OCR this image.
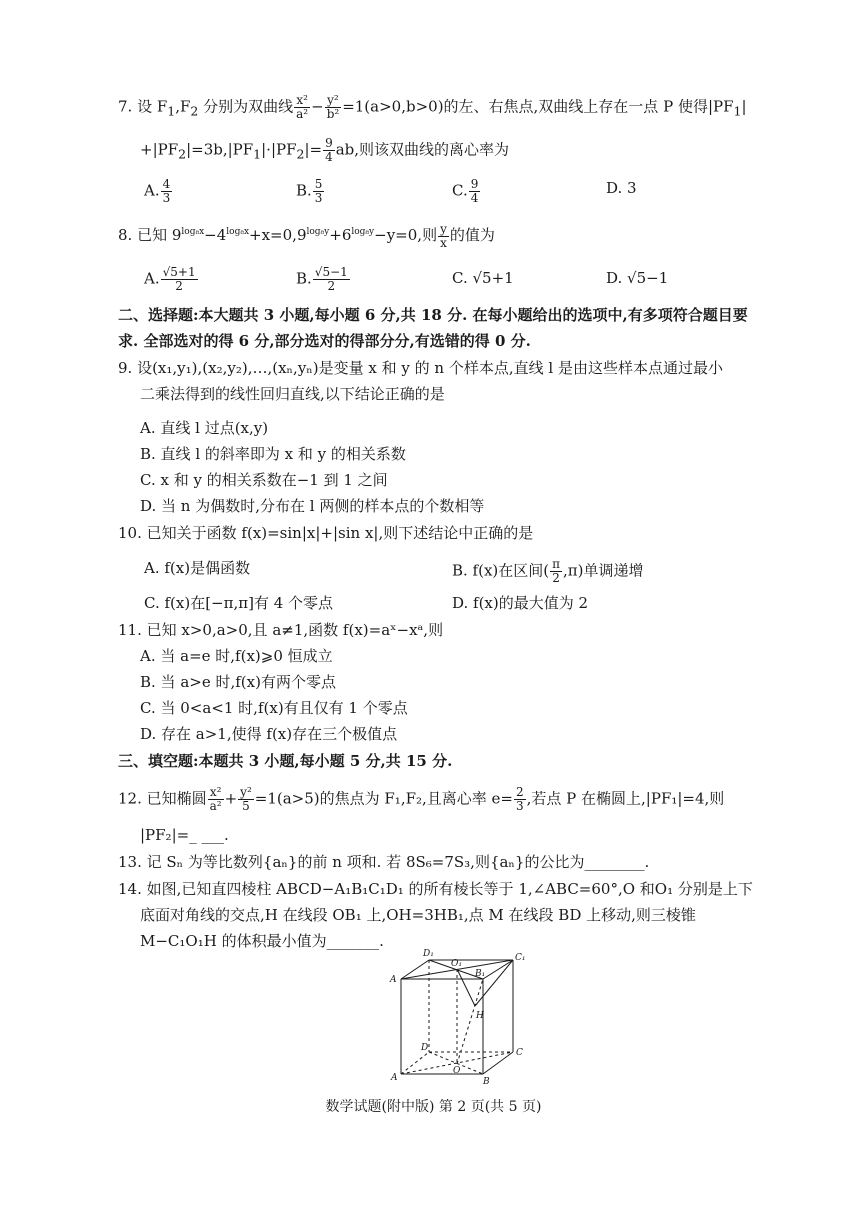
7. 设 $F_1,F_2$ 分别为双曲线 $\frac{\text{x²}}{\text{a²}} - \frac{\text{y²}}{\text{b²}} =1(a>0,b>0)$的左、右焦点,双曲线上存在一点 P 使得$|PF_1|$
$+|PF_2|=3b,|PF_1|\cdot|PF_2|= \frac{9}{4}$ ab,则该双曲线的离心率为
A. $\frac{4}{3}$	B. $\frac{5}{3}$	C. $\frac{9}{4}$	D. 3
8. 已知 $9^{log_8x}-4^{log_8x}+x=0,9^{log_8y}+6^{log_8y}-y=0$,则 $\frac{y}{x}$ 的值为
A. $\frac{√5+1}{2}$	B. $\frac{√5-1}{2}$	C. √5+1	D. √5−1
二、选择题:本大题共 3 小题,每小题 6 分,共 18 分. 在每小题给出的选项中,有多项符合题目要
求. 全部选对的得 6 分,部分选对的得部分分,有选错的得 0 分.
9. 设(x₁,y₁),(x₂,y₂),…,(xₙ,yₙ)是变量 x 和 y 的 n 个样本点,直线 l 是由这些样本点通过最小
二乘法得到的线性回归直线,以下结论正确的是
A. 直线 l 过点(x,y)
B. 直线 l 的斜率即为 x 和 y 的相关系数
C. x 和 y 的相关系数在−1 到 1 之间
D. 当 n 为偶数时,分布在 l 两侧的样本点的个数相等
10. 已知关于函数 f(x)=sin|x|+|sin x|,则下述结论中正确的是
A. f(x)是偶函数	B. f(x)在区间( $\frac{\pi}{2} ,\pi$)单调递增
C. f(x)在[−π,π]有 4 个零点	D. f(x)的最大值为 2
11. 已知 x>0,a>0,且 a≠1,函数 f(x)=aˣ−xᵃ,则
A. 当 a=e 时,f(x)⩾0 恒成立
B. 当 a>e 时,f(x)有两个零点
C. 当 0<a<1 时,f(x)有且仅有 1 个零点
D. 存在 a>1,使得 f(x)存在三个极值点
三、填空题:本题共 3 小题,每小题 5 分,共 15 分.
12. 已知椭圆 $\frac{\text{x²}}{\text{a²}} + \frac{\text{y²}}{5} =1(a>5)$的焦点为 F₁,F₂,且离心率 $e= \frac{2}{3}$ ,若点 P 在椭圆上,|PF₁|=4,则
|PF₂|=_ ___.
13. 记 Sₙ 为等比数列{aₙ}的前 n 项和. 若 8S₆=7S₃,则{aₙ}的公比为________.
14. 如图,已知直四棱柱 ABCD−A₁B₁C₁D₁ 的所有棱长等于 1,∠ABC=60°,O 和O₁ 分别是上下
底面对角线的交点,H 在线段 OB₁ 上,OH=3HB₁,点 M 在线段 BD 上移动,则三棱锥
M−C₁O₁H 的体积最小值为_______.
D₁
O₁
B₁
C₁
A
H
D	C
O
A	B
数学试题(附中版) 第 2 页(共 5 页)
